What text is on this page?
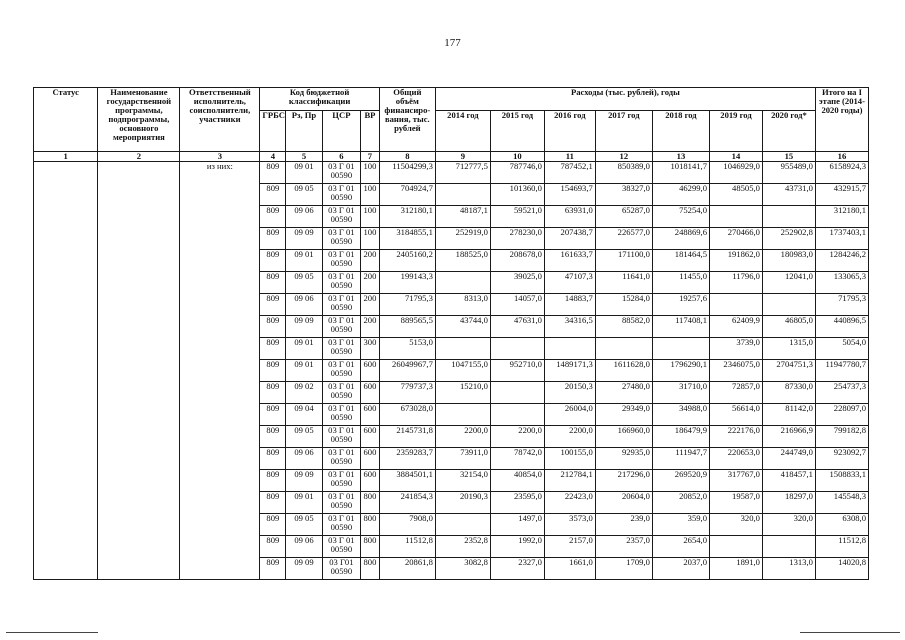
177
Статус	Наименование государственной программы, подпрограммы, основного мероприятия	Ответственный исполнитель, соисполнители, участники	Код бюджетной классификации				Общий объём финансиро-вания, тыс. рублей	Расходы (тыс. рублей), годы							Итого на I этапе (2014-2020 годы)
			ГРБС	Рз, Пр	ЦСР	ВР		2014 год	2015 год	2016 год	2017 год	2018 год	2019 год	2020 год*	
1	2	3	4	5	6	7	8	9	10	11	12	13	14	15	16
		из них:	809	09 01	03 Г 01 00590	100	11504299,3	712777,5	787746,0	787452,1	850389,0	1018141,7	1046929,0	955489,0	6158924,3
			809	09 05	03 Г 01 00590	100	704924,7		101360,0	154693,7	38327,0	46299,0	48505,0	43731,0	432915,7
			809	09 06	03 Г 01 00590	100	312180,1	48187,1	59521,0	63931,0	65287,0	75254,0			312180,1
			809	09 09	03 Г 01 00590	100	3184855,1	252919,0	278230,0	207438,7	226577,0	248869,6	270466,0	252902,8	1737403,1
			809	09 01	03 Г 01 00590	200	2405160,2	188525,0	208678,0	161633,7	171100,0	181464,5	191862,0	180983,0	1284246,2
			809	09 05	03 Г 01 00590	200	199143,3		39025,0	47107,3	11641,0	11455,0	11796,0	12041,0	133065,3
			809	09 06	03 Г 01 00590	200	71795,3	8313,0	14057,0	14883,7	15284,0	19257,6			71795,3
			809	09 09	03 Г 01 00590	200	889565,5	43744,0	47631,0	34316,5	88582,0	117408,1	62409,9	46805,0	440896,5
			809	09 01	03 Г 01 00590	300	5153,0						3739,0	1315,0	5054,0
			809	09 01	03 Г 01 00590	600	26049967,7	1047155,0	952710,0	1489171,3	1611628,0	1796290,1	2346075,0	2704751,3	11947780,7
			809	09 02	03 Г 01 00590	600	779737,3	15210,0		20150,3	27480,0	31710,0	72857,0	87330,0	254737,3
			809	09 04	03 Г 01 00590	600	673028,0			26004,0	29349,0	34988,0	56614,0	81142,0	228097,0
			809	09 05	03 Г 01 00590	600	2145731,8	2200,0	2200,0	2200,0	166960,0	186479,9	222176,0	216966,9	799182,8
			809	09 06	03 Г 01 00590	600	2359283,7	73911,0	78742,0	100155,0	92935,0	111947,7	220653,0	244749,0	923092,7
			809	09 09	03 Г 01 00590	600	3884501,1	32154,0	40854,0	212784,1	217296,0	269520,9	317767,0	418457,1	1508833,1
			809	09 01	03 Г 01 00590	800	241854,3	20190,3	23595,0	22423,0	20604,0	20852,0	19587,0	18297,0	145548,3
			809	09 05	03 Г 01 00590	800	7908,0		1497,0	3573,0	239,0	359,0	320,0	320,0	6308,0
			809	09 06	03 Г 01 00590	800	11512,8	2352,8	1992,0	2157,0	2357,0	2654,0			11512,8
			809	09 09	03 Г01 00590	800	20861,8	3082,8	2327,0	1661,0	1709,0	2037,0	1891,0	1313,0	14020,8
